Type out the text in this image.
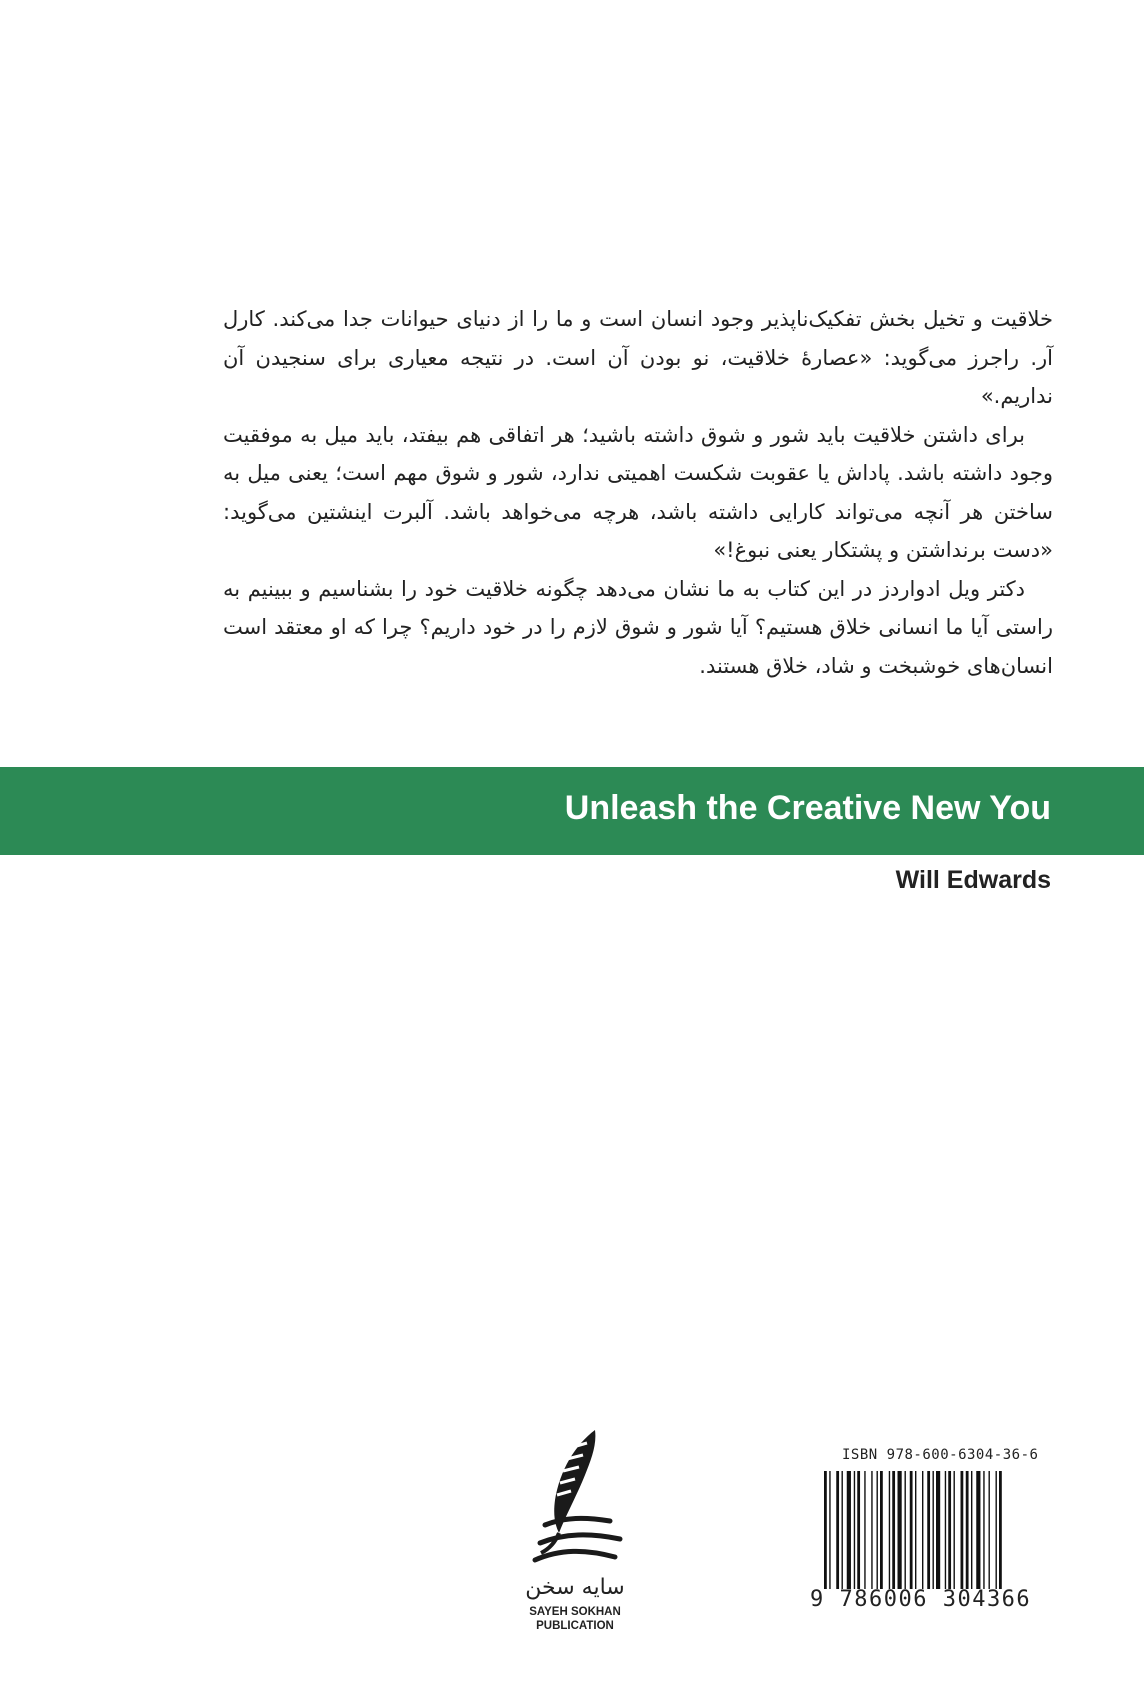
خلاقیت و تخیل بخش تفکیک‌ناپذیر وجود انسان است و ما را از دنیای حیوانات جدا می‌کند. کارل آر. راجرز می‌گوید: «عصارهٔ خلاقیت، نو بودن آن است. در نتیجه معیاری برای سنجیدن آن نداریم.»

برای داشتن خلاقیت باید شور و شوق داشته باشید؛ هر اتفاقی هم بیفتد، باید میل به موفقیت وجود داشته باشد. پاداش یا عقوبت شکست اهمیتی ندارد، شور و شوق مهم است؛ یعنی میل به ساختن هر آنچه می‌تواند کارایی داشته باشد، هرچه می‌خواهد باشد. آلبرت اینشتین می‌گوید: «دست برنداشتن و پشتکار یعنی نبوغ!»

دکتر ویل ادواردز در این کتاب به ما نشان می‌دهد چگونه خلاقیت خود را بشناسیم و ببینیم به راستی آیا ما انسانی خلاق هستیم؟ آیا شور و شوق لازم را در خود داریم؟ چرا که او معتقد است انسان‌های خوشبخت و شاد، خلاق هستند.

Unleash the Creative New You
Will Edwards
سایه سخن
SAYEH SOKHAN
PUBLICATION
ISBN 978-600-6304-36-6
9 786006 304366
